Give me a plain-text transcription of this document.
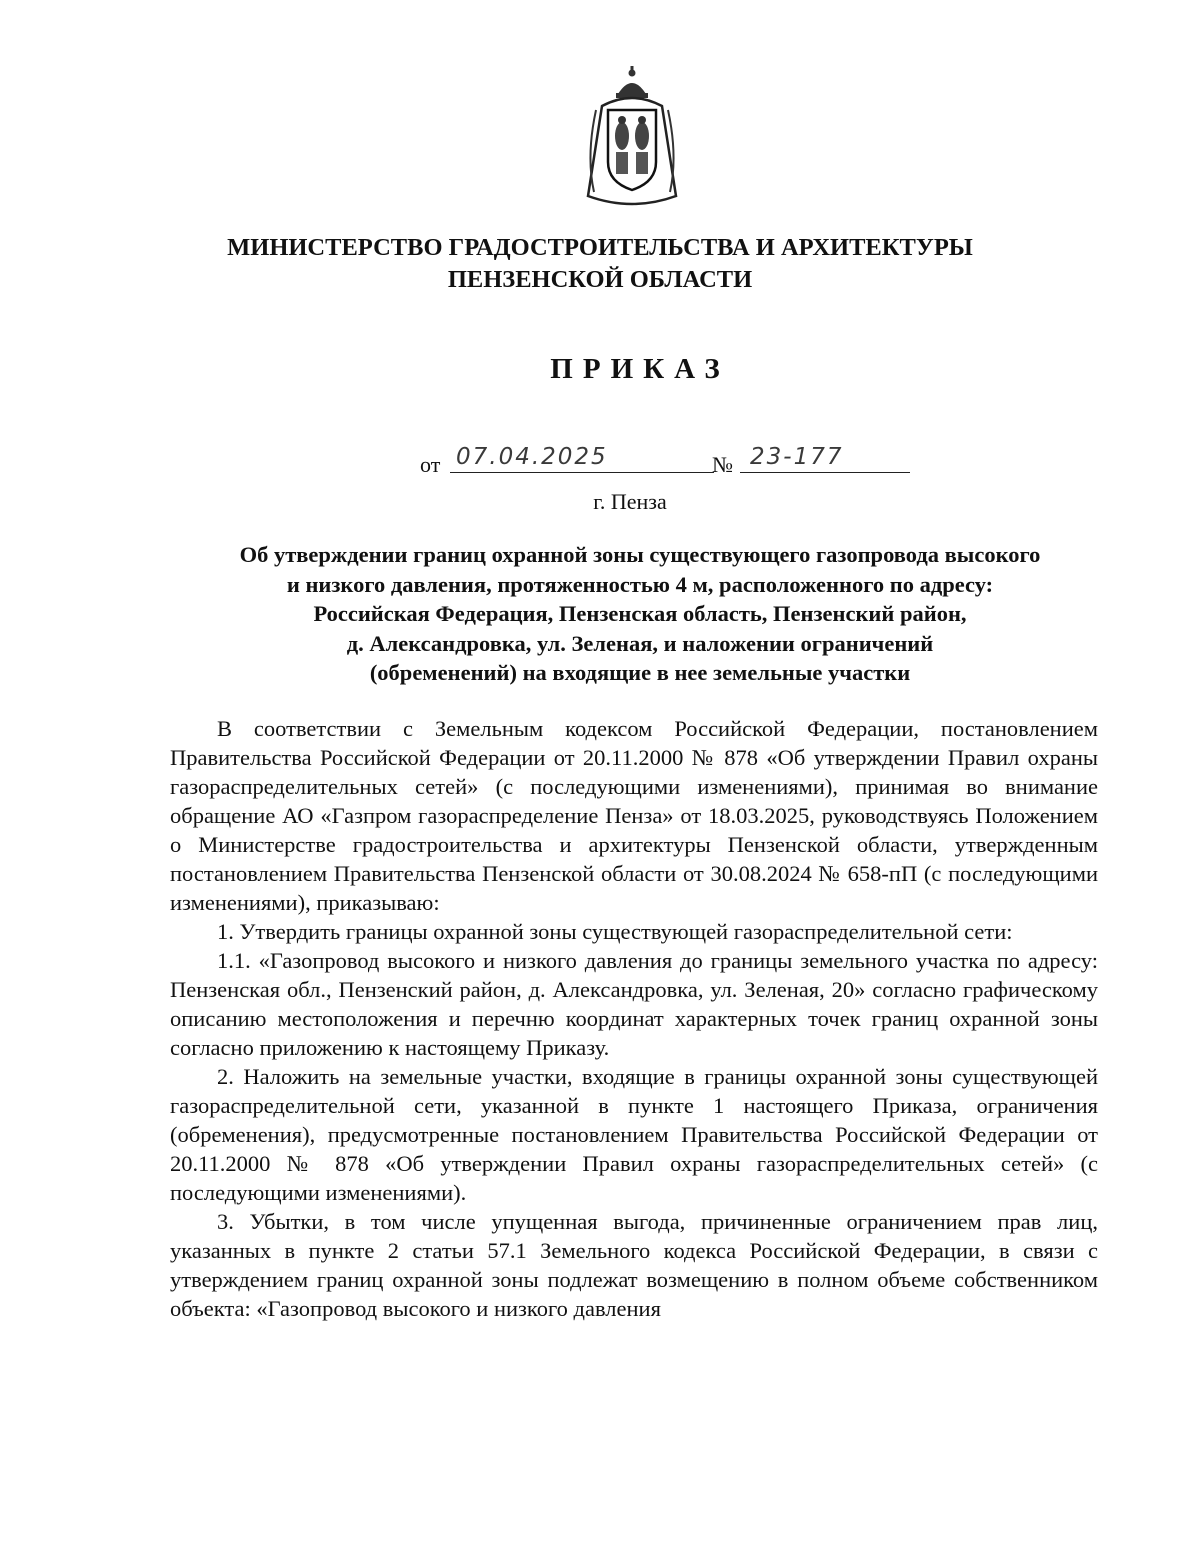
МИНИСТЕРСТВО ГРАДОСТРОИТЕЛЬСТВА И АРХИТЕКТУРЫ
ПЕНЗЕНСКОЙ ОБЛАСТИ
ПРИКАЗ
от 07.04.2025	№ 23-177
г. Пенза
Об утверждении границ охранной зоны существующего газопровода высокого
и низкого давления, протяженностью 4 м, расположенного по адресу:
Российская Федерация, Пензенская область, Пензенский район,
д. Александровка, ул. Зеленая, и наложении ограничений
(обременений) на входящие в нее земельные участки

В соответствии с Земельным кодексом Российской Федерации, постановлением Правительства Российской Федерации от 20.11.2000 № 878 «Об утверждении Правил охраны газораспределительных сетей» (с последующими изменениями), принимая во внимание обращение АО «Газпром газораспределение Пенза» от 18.03.2025, руководствуясь Положением о Министерстве градостроительства и архитектуры Пензенской области, утвержденным постановлением Правительства Пензенской области от 30.08.2024 № 658-пП (с последующими изменениями), приказываю:

1. Утвердить границы охранной зоны существующей газораспределительной сети:

1.1. «Газопровод высокого и низкого давления до границы земельного участка по адресу: Пензенская обл., Пензенский район, д. Александровка, ул. Зеленая, 20» согласно графическому описанию местоположения и перечню координат характерных точек границ охранной зоны согласно приложению к настоящему Приказу.

2. Наложить на земельные участки, входящие в границы охранной зоны существующей газораспределительной сети, указанной в пункте 1 настоящего Приказа, ограничения (обременения), предусмотренные постановлением Правительства Российской Федерации от 20.11.2000 № 878 «Об утверждении Правил охраны газораспределительных сетей» (с последующими изменениями).

3. Убытки, в том числе упущенная выгода, причиненные ограничением прав лиц, указанных в пункте 2 статьи 57.1 Земельного кодекса Российской Федерации, в связи с утверждением границ охранной зоны подлежат возмещению в полном объеме собственником объекта: «Газопровод высокого и низкого давления
